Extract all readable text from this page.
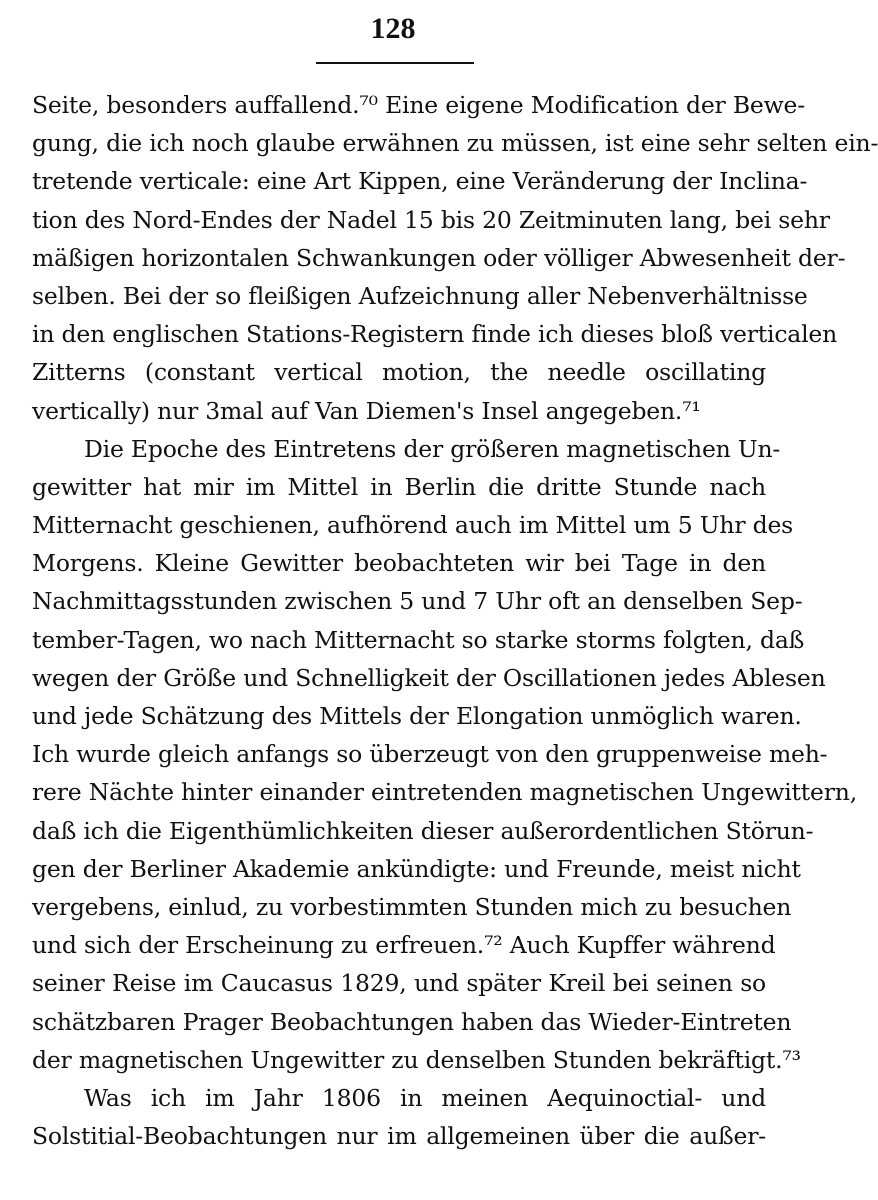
128
Seite, besonders auffallend.⁷⁰ Eine eigene Modification der Bewe-
gung, die ich noch glaube erwähnen zu müssen, ist eine sehr selten ein-
tretende verticale: eine Art Kippen, eine Veränderung der Inclina-
tion des Nord-Endes der Nadel 15 bis 20 Zeitminuten lang, bei sehr
mäßigen horizontalen Schwankungen oder völliger Abwesenheit der-
selben. Bei der so fleißigen Aufzeichnung aller Nebenverhältnisse
in den englischen Stations-Registern finde ich dieses bloß verticalen
Zitterns (constant vertical motion, the needle oscillating
vertically) nur 3mal auf Van Diemen's Insel angegeben.⁷¹
Die Epoche des Eintretens der größeren magnetischen Un-
gewitter hat mir im Mittel in Berlin die dritte Stunde nach
Mitternacht geschienen, aufhörend auch im Mittel um 5 Uhr des
Morgens. Kleine Gewitter beobachteten wir bei Tage in den
Nachmittagsstunden zwischen 5 und 7 Uhr oft an denselben Sep-
tember-Tagen, wo nach Mitternacht so starke storms folgten, daß
wegen der Größe und Schnelligkeit der Oscillationen jedes Ablesen
und jede Schätzung des Mittels der Elongation unmöglich waren.
Ich wurde gleich anfangs so überzeugt von den gruppenweise meh-
rere Nächte hinter einander eintretenden magnetischen Ungewittern,
daß ich die Eigenthümlichkeiten dieser außerordentlichen Störun-
gen der Berliner Akademie ankündigte: und Freunde, meist nicht
vergebens, einlud, zu vorbestimmten Stunden mich zu besuchen
und sich der Erscheinung zu erfreuen.⁷² Auch Kupffer während
seiner Reise im Caucasus 1829, und später Kreil bei seinen so
schätzbaren Prager Beobachtungen haben das Wieder-Eintreten
der magnetischen Ungewitter zu denselben Stunden bekräftigt.⁷³
Was ich im Jahr 1806 in meinen Aequinoctial- und
Solstitial-Beobachtungen nur im allgemeinen über die außer-
